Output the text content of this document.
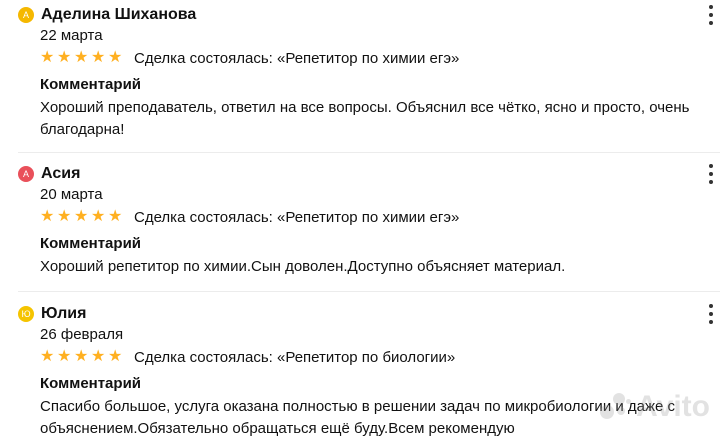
А Аделина Шиханова
22 марта
★ ★ ★ ★ ★ Сделка состоялась: «Репетитор по химии егэ»
Комментарий
Хороший преподаватель, ответил на все вопросы. Объяснил все чётко, ясно и просто, очень благодарна!
А Асия
20 марта
★ ★ ★ ★ ★ Сделка состоялась: «Репетитор по химии егэ»
Комментарий
Хороший репетитор по химии.Сын доволен.Доступно объясняет материал.
Ю Юлия
26 февраля
★ ★ ★ ★ ★ Сделка состоялась: «Репетитор по биологии»
Комментарий
Спасибо большое, услуга оказана полностью в решении задач по микробиологии и даже с объяснением.Обязательно обращаться ещё буду.Всем рекомендую
Avito
